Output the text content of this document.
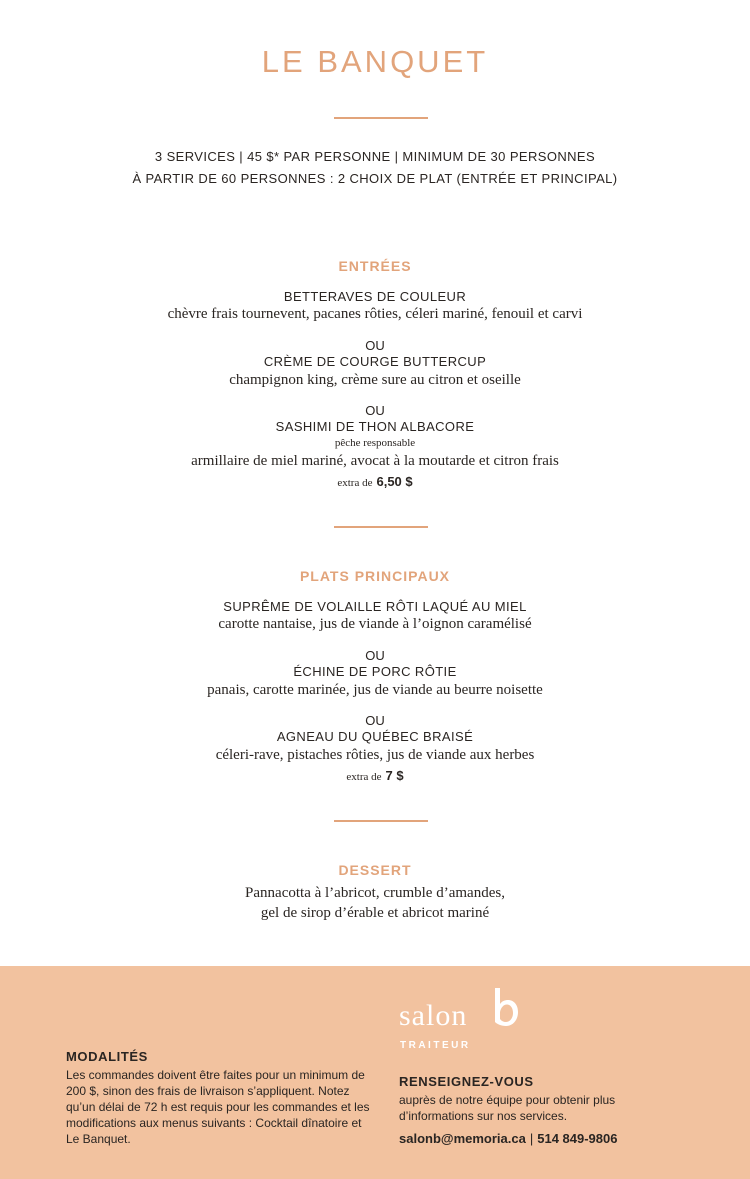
LE BANQUET
3 SERVICES | 45 $* PAR PERSONNE | MINIMUM DE 30 PERSONNES
À PARTIR DE 60 PERSONNES : 2 CHOIX DE PLAT (ENTRÉE ET PRINCIPAL)
ENTRÉES
BETTERAVES DE COULEUR
chèvre frais tournevent, pacanes rôties, céleri mariné, fenouil et carvi
OU
CRÈME DE COURGE BUTTERCUP
champignon king, crème sure au citron et oseille
OU
SASHIMI DE THON ALBACORE
pêche responsable
armillaire de miel mariné, avocat à la moutarde et citron frais
extra de 6,50 $
PLATS PRINCIPAUX
SUPRÊME DE VOLAILLE RÔTI LAQUÉ AU MIEL
carotte nantaise, jus de viande à l’oignon caramélisé
OU
ÉCHINE DE PORC RÔTIE
panais, carotte marinée, jus de viande au beurre noisette
OU
AGNEAU DU QUÉBEC BRAISÉ
céleri-rave, pistaches rôties, jus de viande aux herbes
extra de 7 $
DESSERT
Pannacotta à l’abricot, crumble d’amandes,
gel de sirop d’érable et abricot mariné
MODALITÉS
Les commandes doivent être faites pour un minimum de 200 $, sinon des frais de livraison s’appliquent. Notez qu’un délai de 72 h est requis pour les commandes et les modifications aux menus suivants : Cocktail dînatoire et Le Banquet.
salon
TRAITEUR
RENSEIGNEZ-VOUS
auprès de notre équipe pour obtenir plus d’informations sur nos services.
salonb@memoria.ca | 514 849-9806
